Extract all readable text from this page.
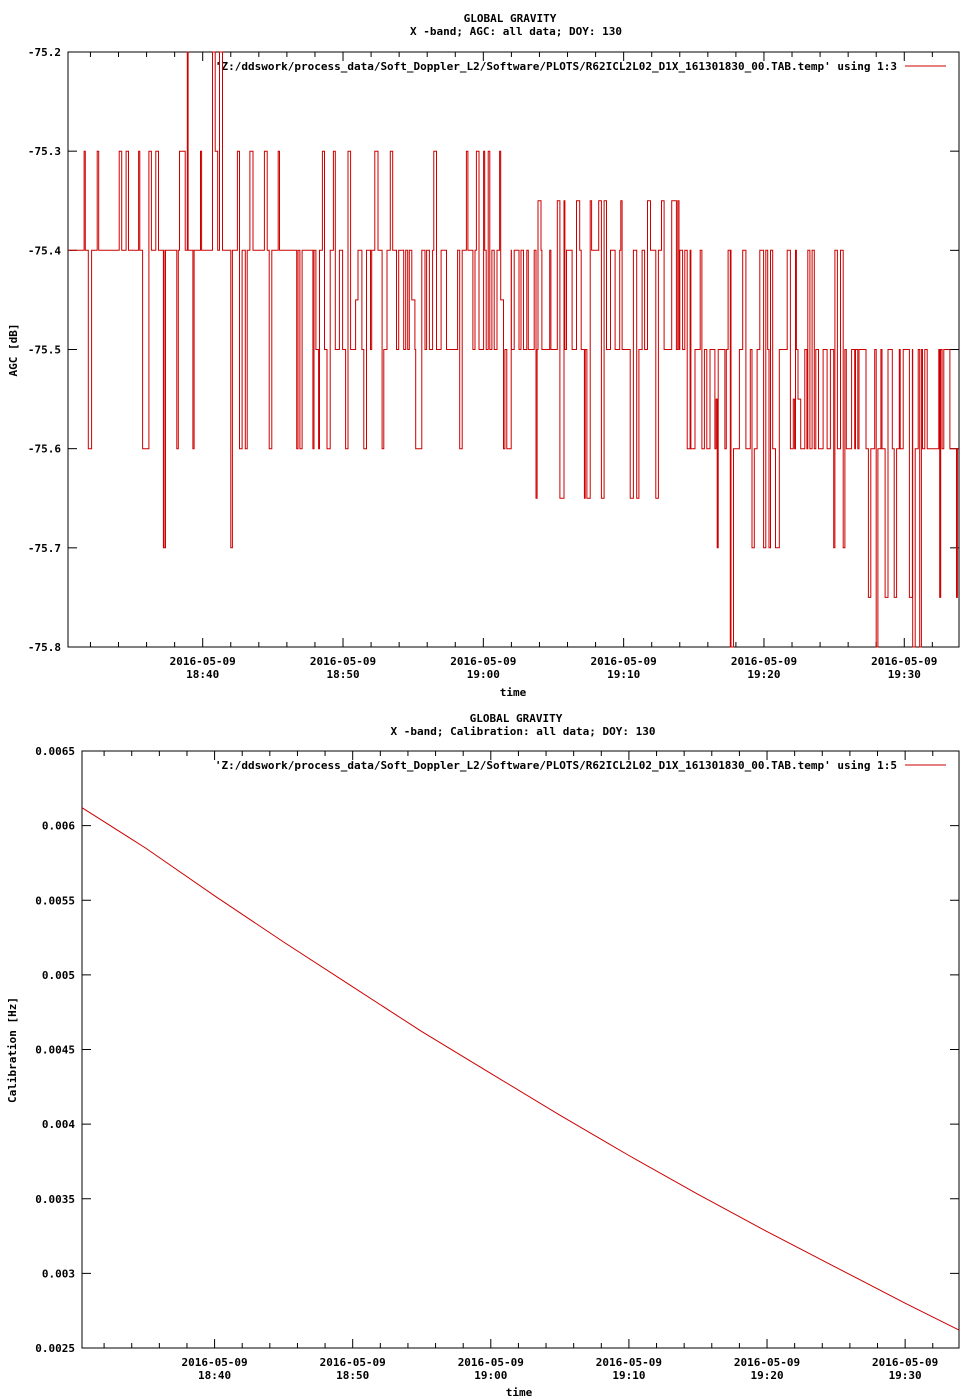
GLOBAL GRAVITY
X -band; AGC: all data; DOY: 130
-75.2
-75.3
-75.4
-75.5
-75.6
-75.7
-75.8
2016-05-09
18:40
2016-05-09
18:50
2016-05-09
19:00
2016-05-09
19:10
2016-05-09
19:20
2016-05-09
19:30
time
AGC [dB]
'Z:/ddswork/process_data/Soft_Doppler_L2/Software/PLOTS/R62ICL2L02_D1X_161301830_00.TAB.temp' using 1:3
GLOBAL GRAVITY
X -band; Calibration: all data; DOY: 130
0.0065
0.006
0.0055
0.005
0.0045
0.004
0.0035
0.003
0.0025
2016-05-09
18:40
2016-05-09
18:50
2016-05-09
19:00
2016-05-09
19:10
2016-05-09
19:20
2016-05-09
19:30
time
Calibration [Hz]
'Z:/ddswork/process_data/Soft_Doppler_L2/Software/PLOTS/R62ICL2L02_D1X_161301830_00.TAB.temp' using 1:5
